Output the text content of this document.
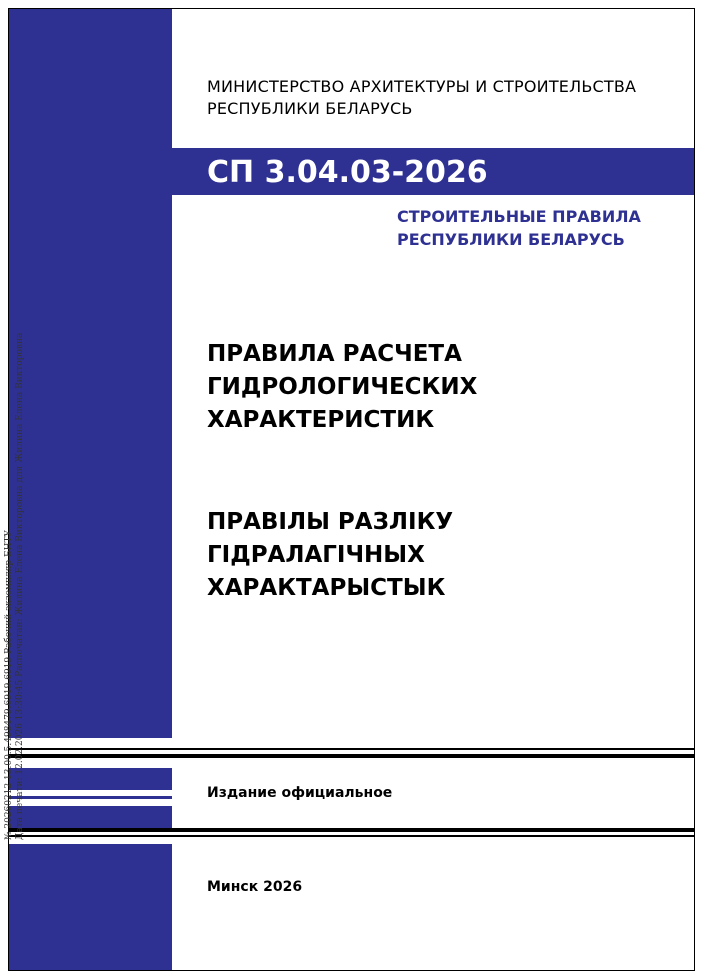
МИНИСТЕРСТВО АРХИТЕКТУРЫ И СТРОИТЕЛЬСТВА
РЕСПУБЛИКИ БЕЛАРУСЬ
СП 3.04.03-2026
СТРОИТЕЛЬНЫЕ ПРАВИЛА
РЕСПУБЛИКИ БЕЛАРУСЬ
ПРАВИЛА РАСЧЕТА
ГИДРОЛОГИЧЕСКИХ
ХАРАКТЕРИСТИК
ПРАВІЛЫ РАЗЛІКУ
ГІДРАЛАГІЧНЫХ
ХАРАКТАРЫСТЫК
Издание официальное
Минск 2026
№ 20260212 13.00.5.498479.6919.6919 Рабочий экземпляр БНТУ Дата печати: 12.02.2026 13:30:45 Распечатан: Жилина Елена Викторовна для Жилина Елена Викторовна
